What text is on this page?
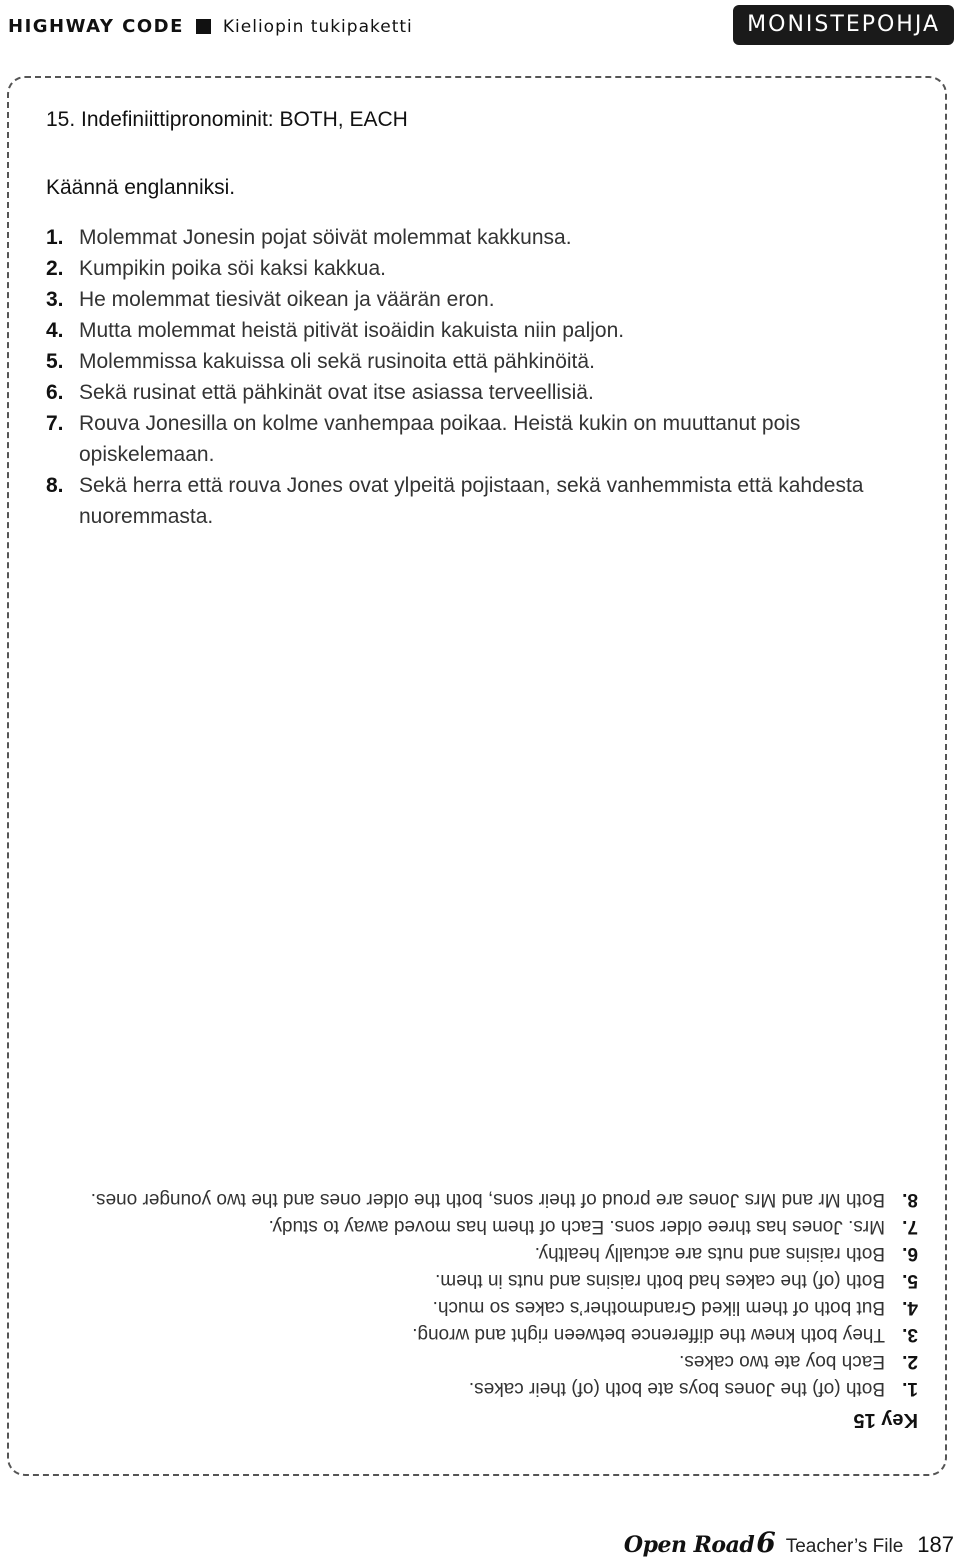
HIGHWAY CODE Kieliopin tukipaketti	MONISTEPOHJA
15. Indefiniittipronominit: BOTH, EACH

Käännä englanniksi.

1. Molemmat Jonesin pojat söivät molemmat kakkunsa.
2. Kumpikin poika söi kaksi kakkua.
3. He molemmat tiesivät oikean ja väärän eron.
4. Mutta molemmat heistä pitivät isoäidin kakuista niin paljon.
5. Molemmissa kakuissa oli sekä rusinoita että pähkinöitä.
6. Sekä rusinat että pähkinät ovat itse asiassa terveellisiä.
7. Rouva Jonesilla on kolme vanhempaa poikaa. Heistä kukin on muuttanut pois opiskelemaan.
8. Sekä herra että rouva Jones ovat ylpeitä pojistaan, sekä vanhemmista että kahdesta nuoremmasta.
Key 15
1.
Both (of) the Jones boys ate both (of) their cakes.
2.
Each boy ate two cakes.
3.
They both knew the difference between right and wrong.
4.
But both of them liked Grandmother’s cakes so much.
5.
Both (of) the cakes had both raisins and nuts in them.
6.
Both raisins and nuts are actually healthy.
7.
Mrs. Jones has three older sons. Each of them has moved away to study.
8.
Both Mr and Mrs Jones are proud of their sons, both the older ones and the two younger ones.
Open Road 6 Teacher’s File 187
